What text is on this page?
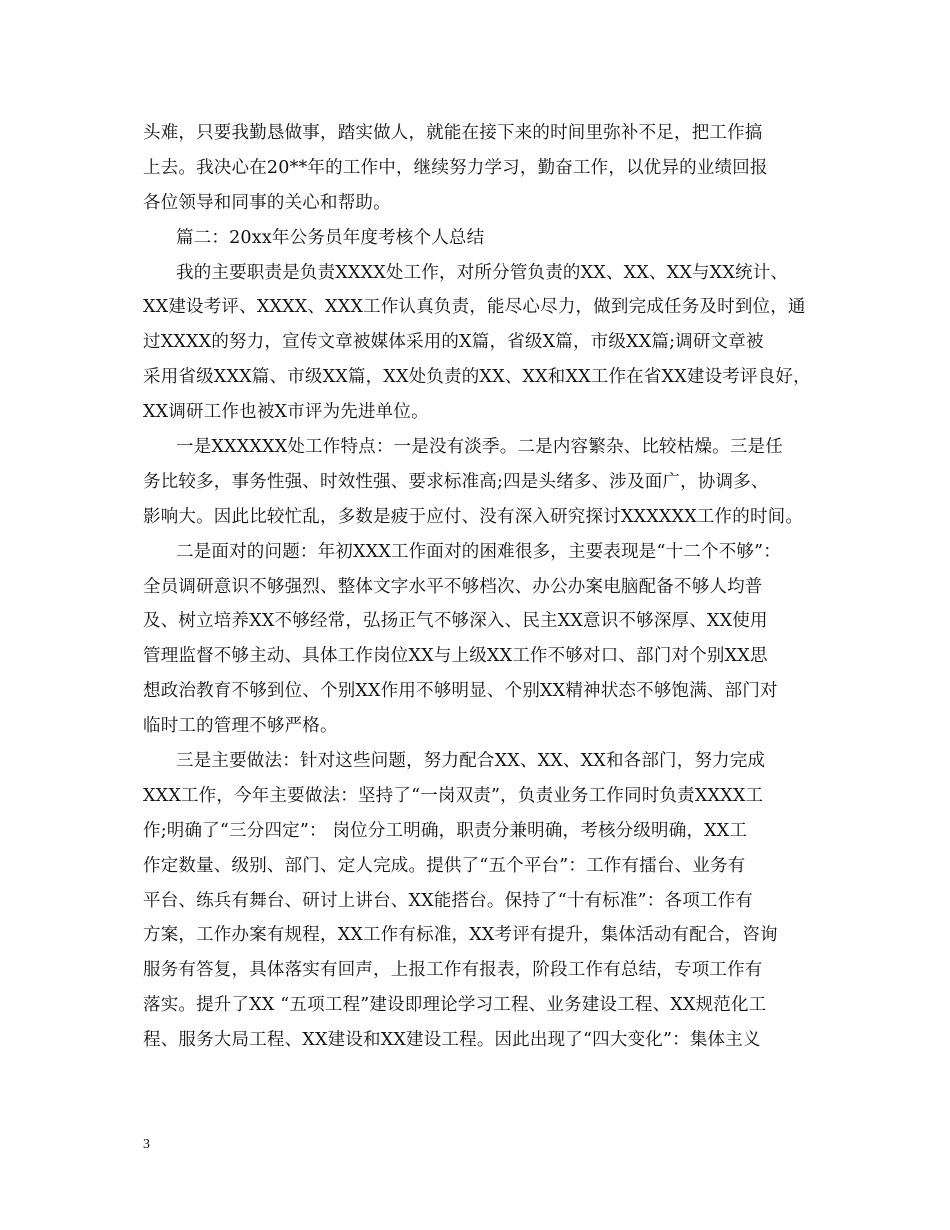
头难，只要我勤恳做事，踏实做人，就能在接下来的时间里弥补不足，把工作搞
上去。我决心在20**年的工作中，继续努力学习，勤奋工作，以优异的业绩回报
各位领导和同事的关心和帮助。
篇二：20xx年公务员年度考核个人总结
我的主要职责是负责XXXX处工作，对所分管负责的XX、XX、XX与XX统计、
XX建设考评、XXXX、XXX工作认真负责，能尽心尽力，做到完成任务及时到位，通
过XXXX的努力，宣传文章被媒体采用的X篇，省级X篇，市级XX篇;调研文章被
采用省级XXX篇、市级XX篇，XX处负责的XX、XX和XX工作在省XX建设考评良好，
XX调研工作也被X市评为先进单位。
一是XXXXXX处工作特点：一是没有淡季。二是内容繁杂、比较枯燥。三是任
务比较多，事务性强、时效性强、要求标准高;四是头绪多、涉及面广，协调多、
影响大。因此比较忙乱，多数是疲于应付、没有深入研究探讨XXXXXX工作的时间。
二是面对的问题：年初XXX工作面对的困难很多，主要表现是“十二个不够”：
全员调研意识不够强烈、整体文字水平不够档次、办公办案电脑配备不够人均普
及、树立培养XX不够经常，弘扬正气不够深入、民主XX意识不够深厚、XX使用
管理监督不够主动、具体工作岗位XX与上级XX工作不够对口、部门对个别XX思
想政治教育不够到位、个别XX作用不够明显、个别XX精神状态不够饱满、部门对
临时工的管理不够严格。
三是主要做法：针对这些问题，努力配合XX、XX、XX和各部门，努力完成
XXX工作，今年主要做法：坚持了“一岗双责”，负责业务工作同时负责XXXX工
作;明确了“三分四定”： 岗位分工明确，职责分兼明确，考核分级明确，XX工
作定数量、级别、部门、定人完成。提供了“五个平台”：工作有擂台、业务有
平台、练兵有舞台、研讨上讲台、XX能搭台。保持了“十有标准”：各项工作有
方案，工作办案有规程，XX工作有标准，XX考评有提升，集体活动有配合，咨询
服务有答复，具体落实有回声，上报工作有报表，阶段工作有总结，专项工作有
落实。提升了XX “五项工程”建设即理论学习工程、业务建设工程、XX规范化工
程、服务大局工程、XX建设和XX建设工程。因此出现了“四大变化”：集体主义
3
